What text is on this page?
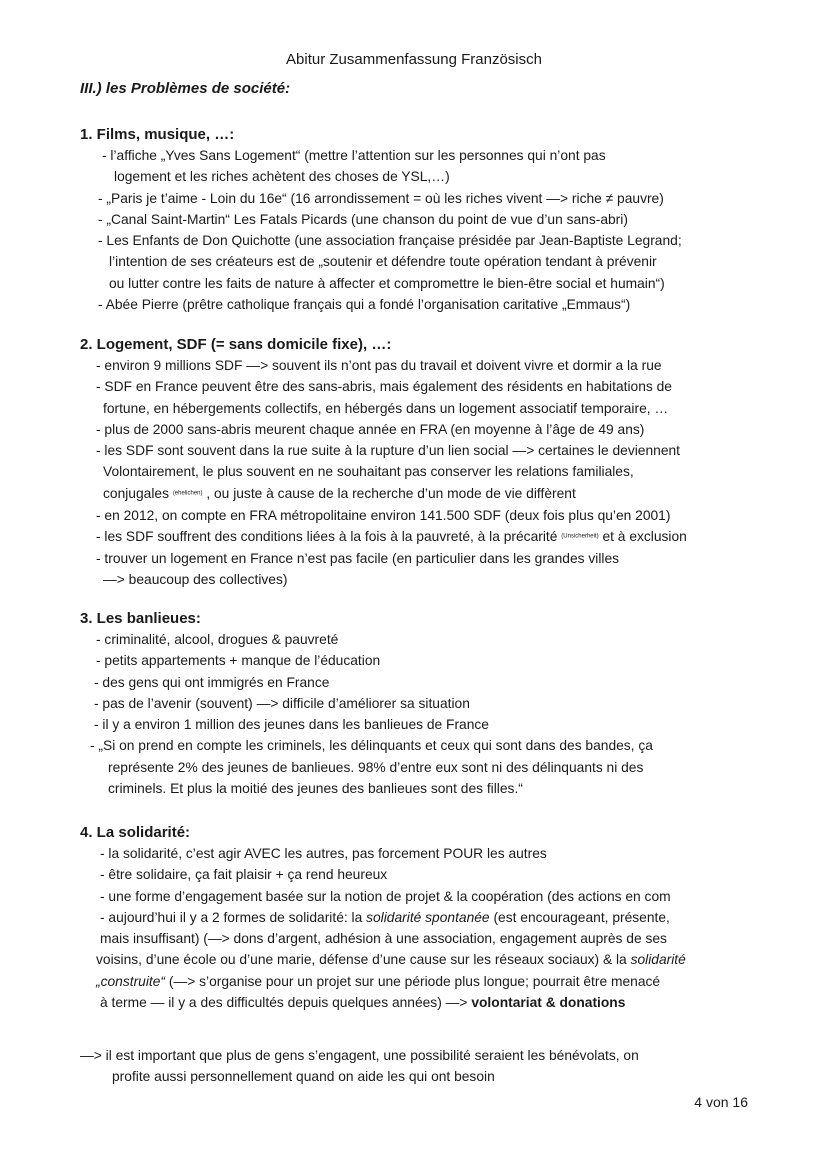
Abitur Zusammenfassung Französisch
III.) les Problèmes de société:
1. Films, musique, …:
- l’affiche „Yves Sans Logement“ (mettre l’attention sur les personnes qui n’ont pas
logement et les riches achètent des choses de YSL,…)
- „Paris je t’aime - Loin du 16e“ (16 arrondissement = où les riches vivent —> riche ≠ pauvre)
- „Canal Saint-Martin“ Les Fatals Picards (une chanson du point de vue d’un sans-abri)
- Les Enfants de Don Quichotte (une association française présidée par Jean-Baptiste Legrand;
l’intention de ses créateurs est de „soutenir et défendre toute opération tendant à prévenir
ou lutter contre les faits de nature à affecter et compromettre le bien-être social et humain“)
- Abée Pierre (prêtre catholique français qui a fondé l’organisation caritative „Emmaus“)
2. Logement, SDF (= sans domicile fixe), …:
- environ 9 millions SDF —> souvent ils n’ont pas du travail et doivent vivre et dormir a la rue
- SDF en France peuvent être des sans-abris, mais également des résidents en habitations de
fortune, en hébergements collectifs, en hébergés dans un logement associatif temporaire, …
- plus de 2000 sans-abris meurent chaque année en FRA (en moyenne à l’âge de 49 ans)
- les SDF sont souvent dans la rue suite à la rupture d’un lien social —> certaines le deviennent
Volontairement, le plus souvent en ne souhaitant pas conserver les relations familiales,
conjugales (ehelichen) , ou juste à cause de la recherche d’un mode de vie diffèrent
- en 2012, on compte en FRA métropolitaine environ 141.500 SDF (deux fois plus qu’en 2001)
- les SDF souffrent des conditions liées à la fois à la pauvreté, à la précarité (Unsicherheit) et à exclusion
- trouver un logement en France n’est pas facile (en particulier dans les grandes villes
—> beaucoup des collectives)
3. Les banlieues:
- criminalité, alcool, drogues & pauvreté
- petits appartements + manque de l’éducation
- des gens qui ont immigrés en France
- pas de l’avenir (souvent) —> difficile d’améliorer sa situation
- il y a environ 1 million des jeunes dans les banlieues de France
- „Si on prend en compte les criminels, les délinquants et ceux qui sont dans des bandes, ça
représente 2% des jeunes de banlieues. 98% d’entre eux sont ni des délinquants ni des
criminels. Et plus la moitié des jeunes des banlieues sont des filles.“
4. La solidarité:
- la solidarité, c’est agir AVEC les autres, pas forcement POUR les autres
- être solidaire, ça fait plaisir + ça rend heureux
- une forme d’engagement basée sur la notion de projet & la coopération (des actions en com
- aujourd’hui il y a 2 formes de solidarité: la solidarité spontanée (est encourageant, présente,
mais insuffisant) (—> dons d’argent, adhésion à une association, engagement auprès de ses
voisins, d’une école ou d’une marie, défense d’une cause sur les réseaux sociaux) & la solidarité
„construite“ (—> s’organise pour un projet sur une période plus longue; pourrait être menacé
à terme — il y a des difficultés depuis quelques années) —> volontariat & donations
—> il est important que plus de gens s’engagent, une possibilité seraient les bénévolats, on
profite aussi personnellement quand on aide les qui ont besoin
4 von 16
